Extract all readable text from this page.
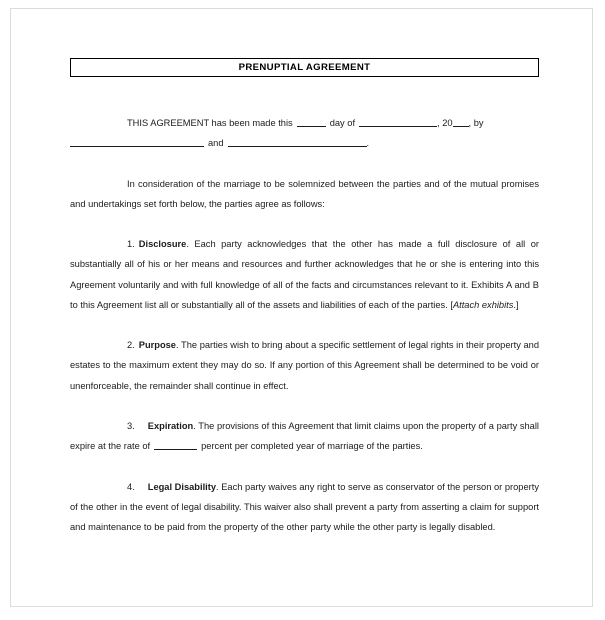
PRENUPTIAL AGREEMENT

THIS AGREEMENT has been made this	day of	, 20 , by
and	.

In consideration of the marriage to be solemnized between the parties and of the mutual promises and undertakings set forth below, the parties agree as follows:

1. Disclosure. Each party acknowledges that the other has made a full disclosure of all or substantially all of his or her means and resources and further acknowledges that he or she is entering into this Agreement voluntarily and with full knowledge of all of the facts and circumstances relevant to it. Exhibits A and B to this Agreement list all or substantially all of the assets and liabilities of each of the parties. [Attach exhibits.]

2. Purpose. The parties wish to bring about a specific settlement of legal rights in their property and estates to the maximum extent they may do so. If any portion of this Agreement shall be determined to be void or unenforceable, the remainder shall continue in effect.

3. Expiration. The provisions of this Agreement that limit claims upon the property of a party shall expire at the rate of	percent per completed year of marriage of the parties.

4. Legal Disability. Each party waives any right to serve as conservator of the person or property of the other in the event of legal disability. This waiver also shall prevent a party from asserting a claim for support and maintenance to be paid from the property of the other party while the other party is legally disabled.
